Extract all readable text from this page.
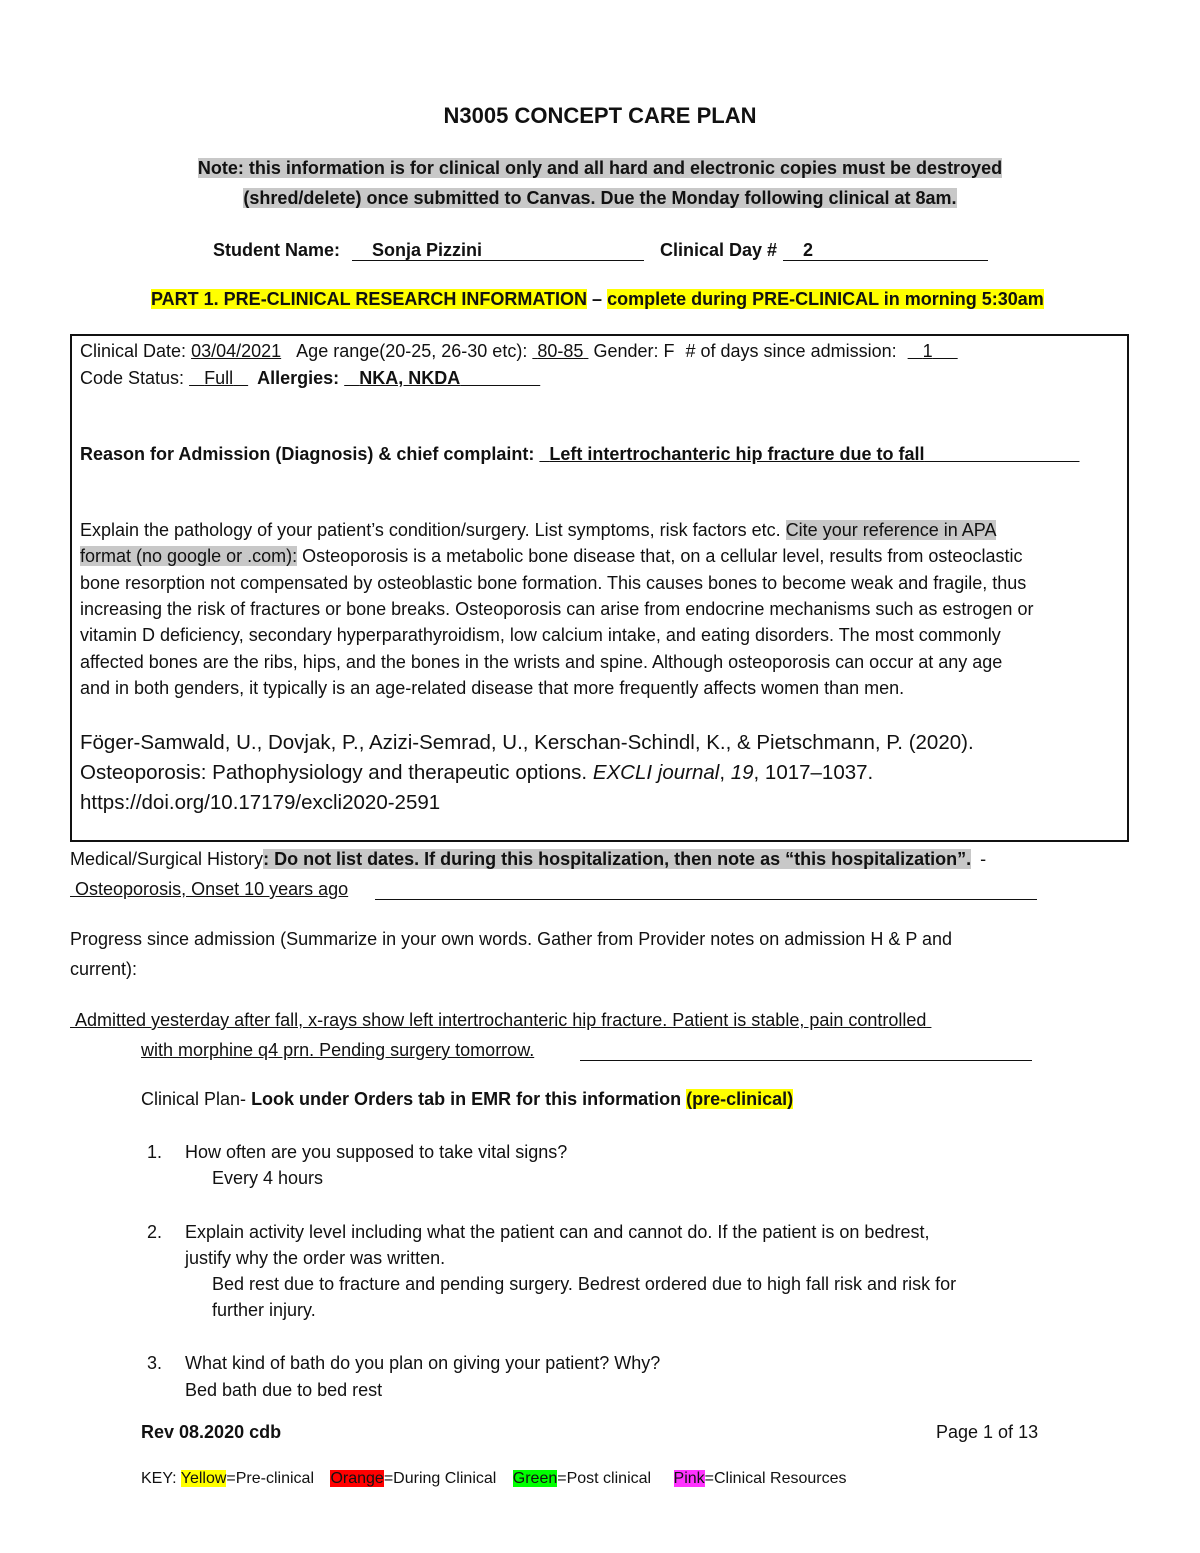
N3005 CONCEPT CARE PLAN
Note: this information is for clinical only and all hard and electronic copies must be destroyed
(shred/delete) once submitted to Canvas. Due the Monday following clinical at 8am.
Student Name: Sonja Pizzini	Clinical Day # 2
PART 1. PRE-CLINICAL RESEARCH INFORMATION – complete during PRE-CLINICAL in morning 5:30am
Clinical Date: 03/04/2021 Age range(20-25, 26-30 etc): 80-85 Gender: F # of days since admission: 1
Code Status: Full Allergies: NKA, NKDA
Reason for Admission (Diagnosis) & chief complaint: Left intertrochanteric hip fracture due to fall
Explain the pathology of your patient’s condition/surgery. List symptoms, risk factors etc. Cite your reference in APA
format (no google or .com): Osteoporosis is a metabolic bone disease that, on a cellular level, results from osteoclastic
bone resorption not compensated by osteoblastic bone formation. This causes bones to become weak and fragile, thus
increasing the risk of fractures or bone breaks. Osteoporosis can arise from endocrine mechanisms such as estrogen or
vitamin D deficiency, secondary hyperparathyroidism, low calcium intake, and eating disorders. The most commonly
affected bones are the ribs, hips, and the bones in the wrists and spine. Although osteoporosis can occur at any age
and in both genders, it typically is an age-related disease that more frequently affects women than men.
Föger-Samwald, U., Dovjak, P., Azizi-Semrad, U., Kerschan-Schindl, K., & Pietschmann, P. (2020).
Osteoporosis: Pathophysiology and therapeutic options. EXCLI journal, 19, 1017–1037.
https://doi.org/10.17179/excli2020-2591
Medical/Surgical History: Do not list dates. If during this hospitalization, then note as “this hospitalization”. -
Osteoporosis, Onset 10 years ago
Progress since admission (Summarize in your own words. Gather from Provider notes on admission H & P and
current):
Admitted yesterday after fall, x-rays show left intertrochanteric hip fracture. Patient is stable, pain controlled
with morphine q4 prn. Pending surgery tomorrow.
Clinical Plan- Look under Orders tab in EMR for this information (pre-clinical)
1. How often are you supposed to take vital signs?
Every 4 hours
2. Explain activity level including what the patient can and cannot do. If the patient is on bedrest,
justify why the order was written.
Bed rest due to fracture and pending surgery. Bedrest ordered due to high fall risk and risk for
further injury.
3. What kind of bath do you plan on giving your patient? Why?
Bed bath due to bed rest
Rev 08.2020 cdb	Page 1 of 13
KEY: Yellow=Pre-clinical Orange=During Clinical Green=Post clinical Pink=Clinical Resources
